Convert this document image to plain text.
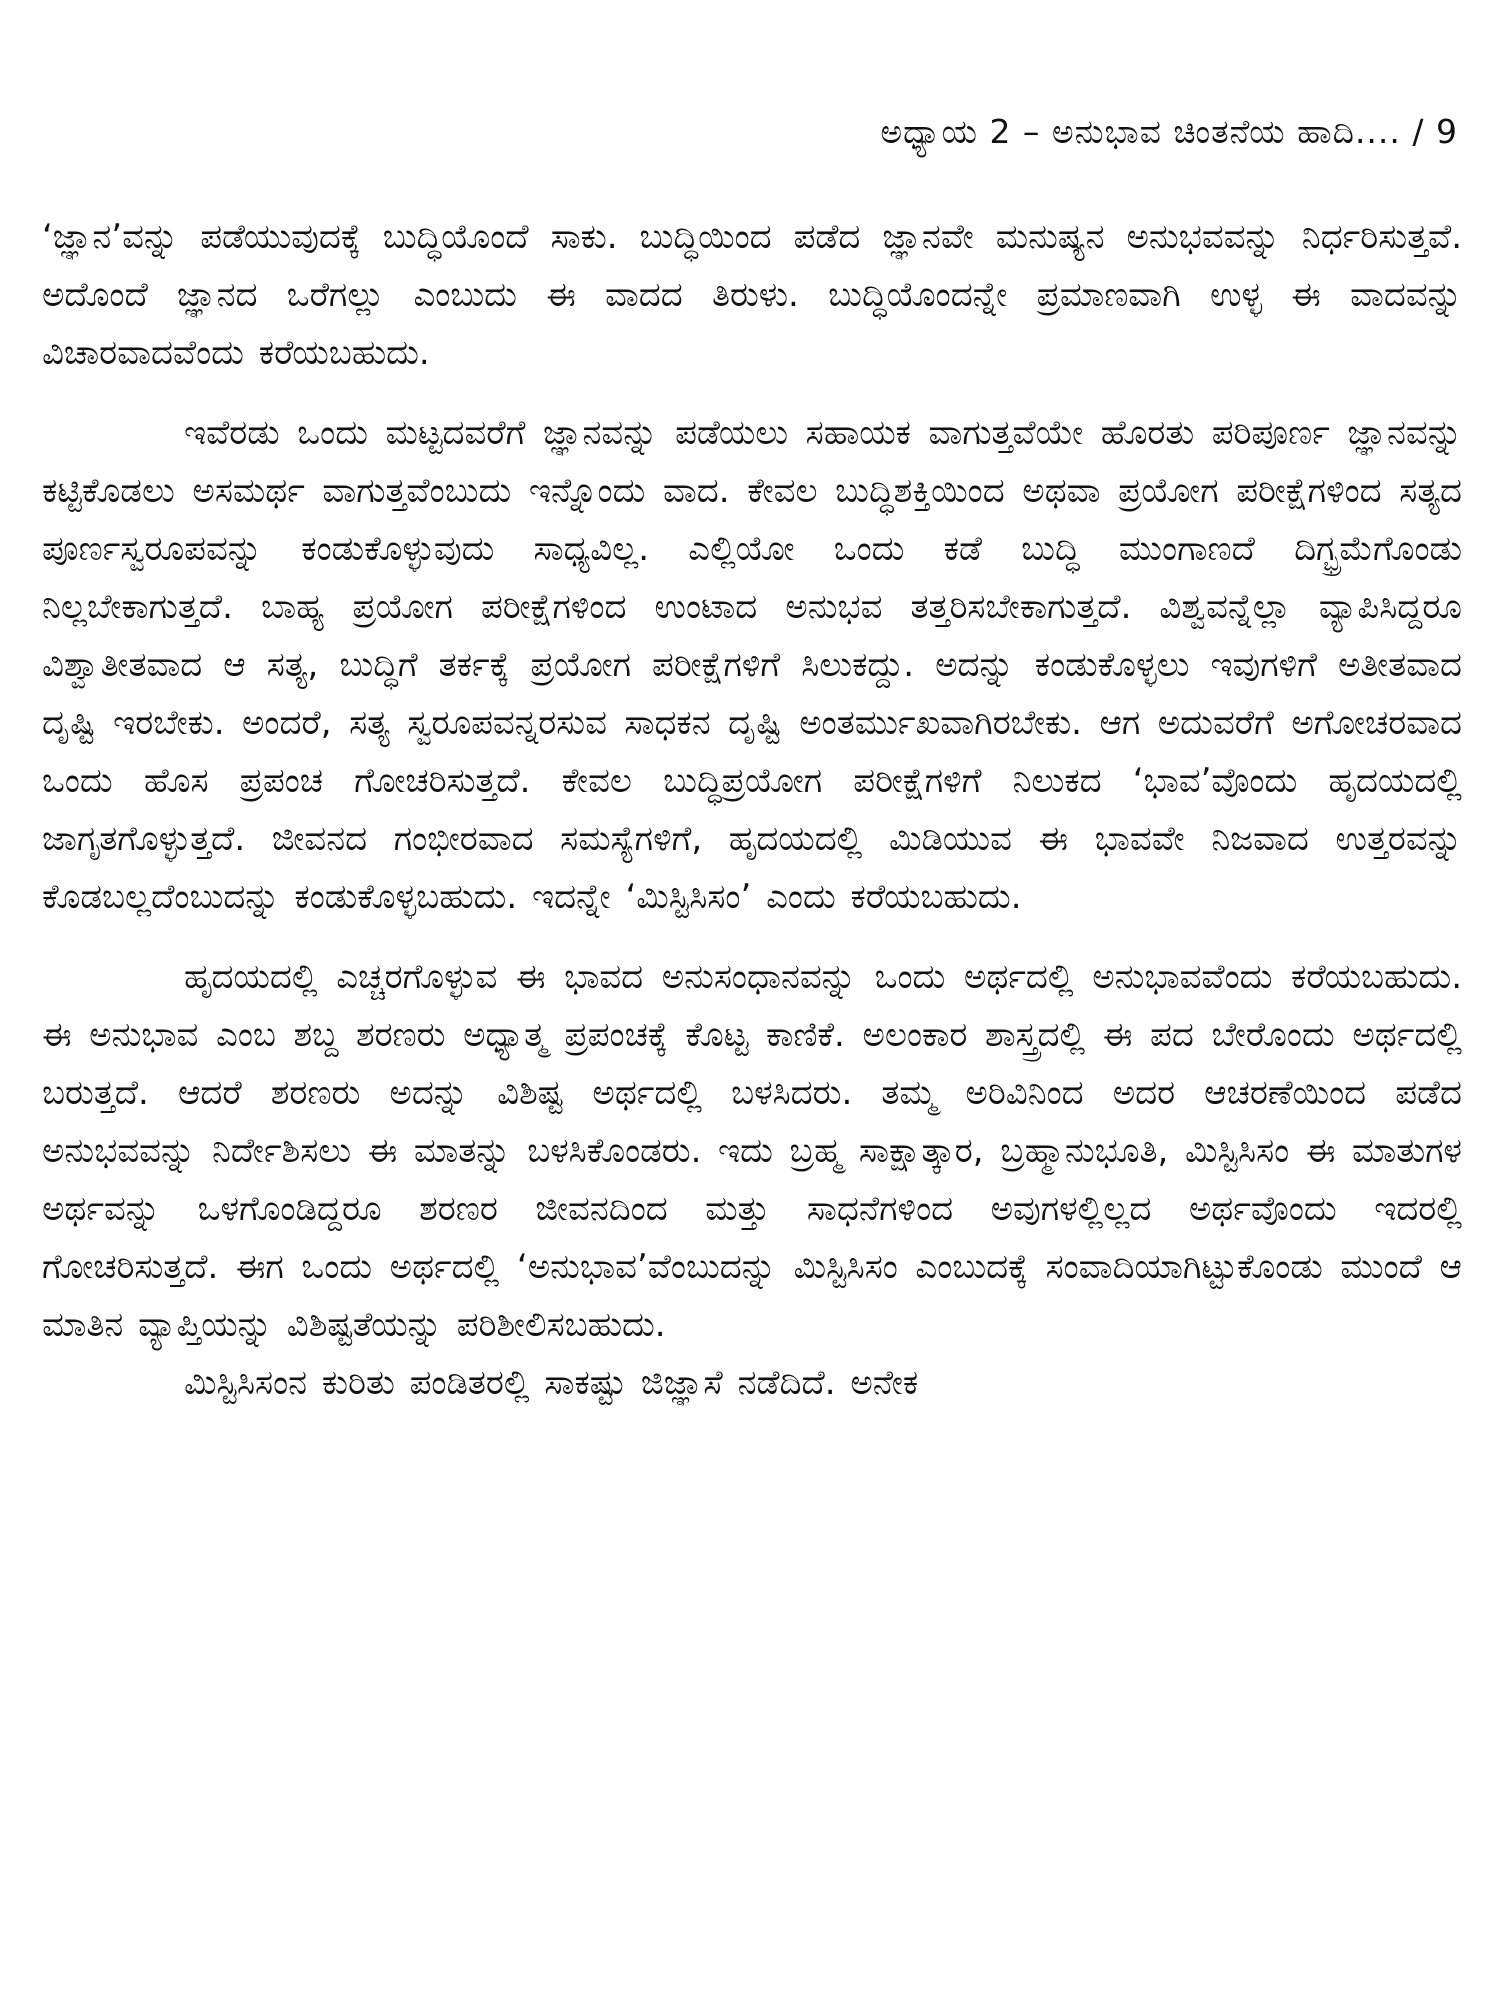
ಅಧ್ಯಾಯ 2 – ಅನುಭಾವ ಚಿಂತನೆಯ ಹಾದಿ.... / 9

‘ಜ್ಞಾನ’ವನ್ನು ಪಡೆಯುವುದಕ್ಕೆ ಬುದ್ಧಿಯೊಂದೆ ಸಾಕು. ಬುದ್ಧಿಯಿಂದ ಪಡೆದ ಜ್ಞಾನವೇ ಮನುಷ್ಯನ ಅನುಭವವನ್ನು ನಿರ್ಧರಿಸುತ್ತವೆ. ಅದೊಂದೆ ಜ್ಞಾನದ ಒರೆಗಲ್ಲು ಎಂಬುದು ಈ ವಾದದ ತಿರುಳು. ಬುದ್ಧಿಯೊಂದನ್ನೇ ಪ್ರಮಾಣವಾಗಿ ಉಳ್ಳ ಈ ವಾದವನ್ನು ವಿಚಾರವಾದವೆಂದು ಕರೆಯಬಹುದು.

ಇವೆರಡು ಒಂದು ಮಟ್ಟದವರೆಗೆ ಜ್ಞಾನವನ್ನು ಪಡೆಯಲು ಸಹಾಯಕ ವಾಗುತ್ತವೆಯೇ ಹೊರತು ಪರಿಪೂರ್ಣ ಜ್ಞಾನವನ್ನು ಕಟ್ಟಿಕೊಡಲು ಅಸಮರ್ಥ ವಾಗುತ್ತವೆಂಬುದು ಇನ್ನೊಂದು ವಾದ. ಕೇವಲ ಬುದ್ಧಿಶಕ್ತಿಯಿಂದ ಅಥವಾ ಪ್ರಯೋಗ ಪರೀಕ್ಷೆಗಳಿಂದ ಸತ್ಯದ ಪೂರ್ಣಸ್ವರೂಪವನ್ನು ಕಂಡುಕೊಳ್ಳುವುದು ಸಾಧ್ಯವಿಲ್ಲ. ಎಲ್ಲಿಯೋ ಒಂದು ಕಡೆ ಬುದ್ಧಿ ಮುಂಗಾಣದೆ ದಿಗ್ಭ್ರಮೆಗೊಂಡು ನಿಲ್ಲಬೇಕಾಗುತ್ತದೆ. ಬಾಹ್ಯ ಪ್ರಯೋಗ ಪರೀಕ್ಷೆಗಳಿಂದ ಉಂಟಾದ ಅನುಭವ ತತ್ತರಿಸಬೇಕಾಗುತ್ತದೆ. ವಿಶ್ವವನ್ನೆಲ್ಲಾ ವ್ಯಾಪಿಸಿದ್ದರೂ ವಿಶ್ವಾತೀತವಾದ ಆ ಸತ್ಯ, ಬುದ್ಧಿಗೆ ತರ್ಕಕ್ಕೆ ಪ್ರಯೋಗ ಪರೀಕ್ಷೆಗಳಿಗೆ ಸಿಲುಕದ್ದು. ಅದನ್ನು ಕಂಡುಕೊಳ್ಳಲು ಇವುಗಳಿಗೆ ಅತೀತವಾದ ದೃಷ್ಟಿ ಇರಬೇಕು. ಅಂದರೆ, ಸತ್ಯ ಸ್ವರೂಪವನ್ನರಸುವ ಸಾಧಕನ ದೃಷ್ಟಿ ಅಂತರ್ಮುಖವಾಗಿರಬೇಕು. ಆಗ ಅದುವರೆಗೆ ಅಗೋಚರವಾದ ಒಂದು ಹೊಸ ಪ್ರಪಂಚ ಗೋಚರಿಸುತ್ತದೆ. ಕೇವಲ ಬುದ್ಧಿಪ್ರಯೋಗ ಪರೀಕ್ಷೆಗಳಿಗೆ ನಿಲುಕದ ‘ಭಾವ’ವೊಂದು ಹೃದಯದಲ್ಲಿ ಜಾಗೃತಗೊಳ್ಳುತ್ತದೆ. ಜೀವನದ ಗಂಭೀರವಾದ ಸಮಸ್ಯೆಗಳಿಗೆ, ಹೃದಯದಲ್ಲಿ ಮಿಡಿಯುವ ಈ ಭಾವವೇ ನಿಜವಾದ ಉತ್ತರವನ್ನು ಕೊಡಬಲ್ಲದೆಂಬುದನ್ನು ಕಂಡುಕೊಳ್ಳಬಹುದು. ಇದನ್ನೇ ‘ಮಿಸ್ಟಿಸಿಸಂ’ ಎಂದು ಕರೆಯಬಹುದು.

ಹೃದಯದಲ್ಲಿ ಎಚ್ಚರಗೊಳ್ಳುವ ಈ ಭಾವದ ಅನುಸಂಧಾನವನ್ನು ಒಂದು ಅರ್ಥದಲ್ಲಿ ಅನುಭಾವವೆಂದು ಕರೆಯಬಹುದು. ಈ ಅನುಭಾವ ಎಂಬ ಶಬ್ದ ಶರಣರು ಅಧ್ಯಾತ್ಮ ಪ್ರಪಂಚಕ್ಕೆ ಕೊಟ್ಟ ಕಾಣಿಕೆ. ಅಲಂಕಾರ ಶಾಸ್ತ್ರದಲ್ಲಿ ಈ ಪದ ಬೇರೊಂದು ಅರ್ಥದಲ್ಲಿ ಬರುತ್ತದೆ. ಆದರೆ ಶರಣರು ಅದನ್ನು ವಿಶಿಷ್ಟ ಅರ್ಥದಲ್ಲಿ ಬಳಸಿದರು. ತಮ್ಮ ಅರಿವಿನಿಂದ ಅದರ ಆಚರಣೆಯಿಂದ ಪಡೆದ ಅನುಭವವನ್ನು ನಿರ್ದೇಶಿಸಲು ಈ ಮಾತನ್ನು ಬಳಸಿಕೊಂಡರು. ಇದು ಬ್ರಹ್ಮ ಸಾಕ್ಷಾತ್ಕಾರ, ಬ್ರಹ್ಮಾನುಭೂತಿ, ಮಿಸ್ಟಿಸಿಸಂ ಈ ಮಾತುಗಳ ಅರ್ಥವನ್ನು ಒಳಗೊಂಡಿದ್ದರೂ ಶರಣರ ಜೀವನದಿಂದ ಮತ್ತು ಸಾಧನೆಗಳಿಂದ ಅವುಗಳಲ್ಲಿಲ್ಲದ ಅರ್ಥವೊಂದು ಇದರಲ್ಲಿ ಗೋಚರಿಸುತ್ತದೆ. ಈಗ ಒಂದು ಅರ್ಥದಲ್ಲಿ ‘ಅನುಭಾವ’ವೆಂಬುದನ್ನು ಮಿಸ್ಟಿಸಿಸಂ ಎಂಬುದಕ್ಕೆ ಸಂವಾದಿಯಾಗಿಟ್ಟುಕೊಂಡು ಮುಂದೆ ಆ ಮಾತಿನ ವ್ಯಾಪ್ತಿಯನ್ನು ವಿಶಿಷ್ಟತೆಯನ್ನು ಪರಿಶೀಲಿಸಬಹುದು.

ಮಿಸ್ಟಿಸಿಸಂನ ಕುರಿತು ಪಂಡಿತರಲ್ಲಿ ಸಾಕಷ್ಟು ಜಿಜ್ಞಾಸೆ ನಡೆದಿದೆ. ಅನೇಕ
